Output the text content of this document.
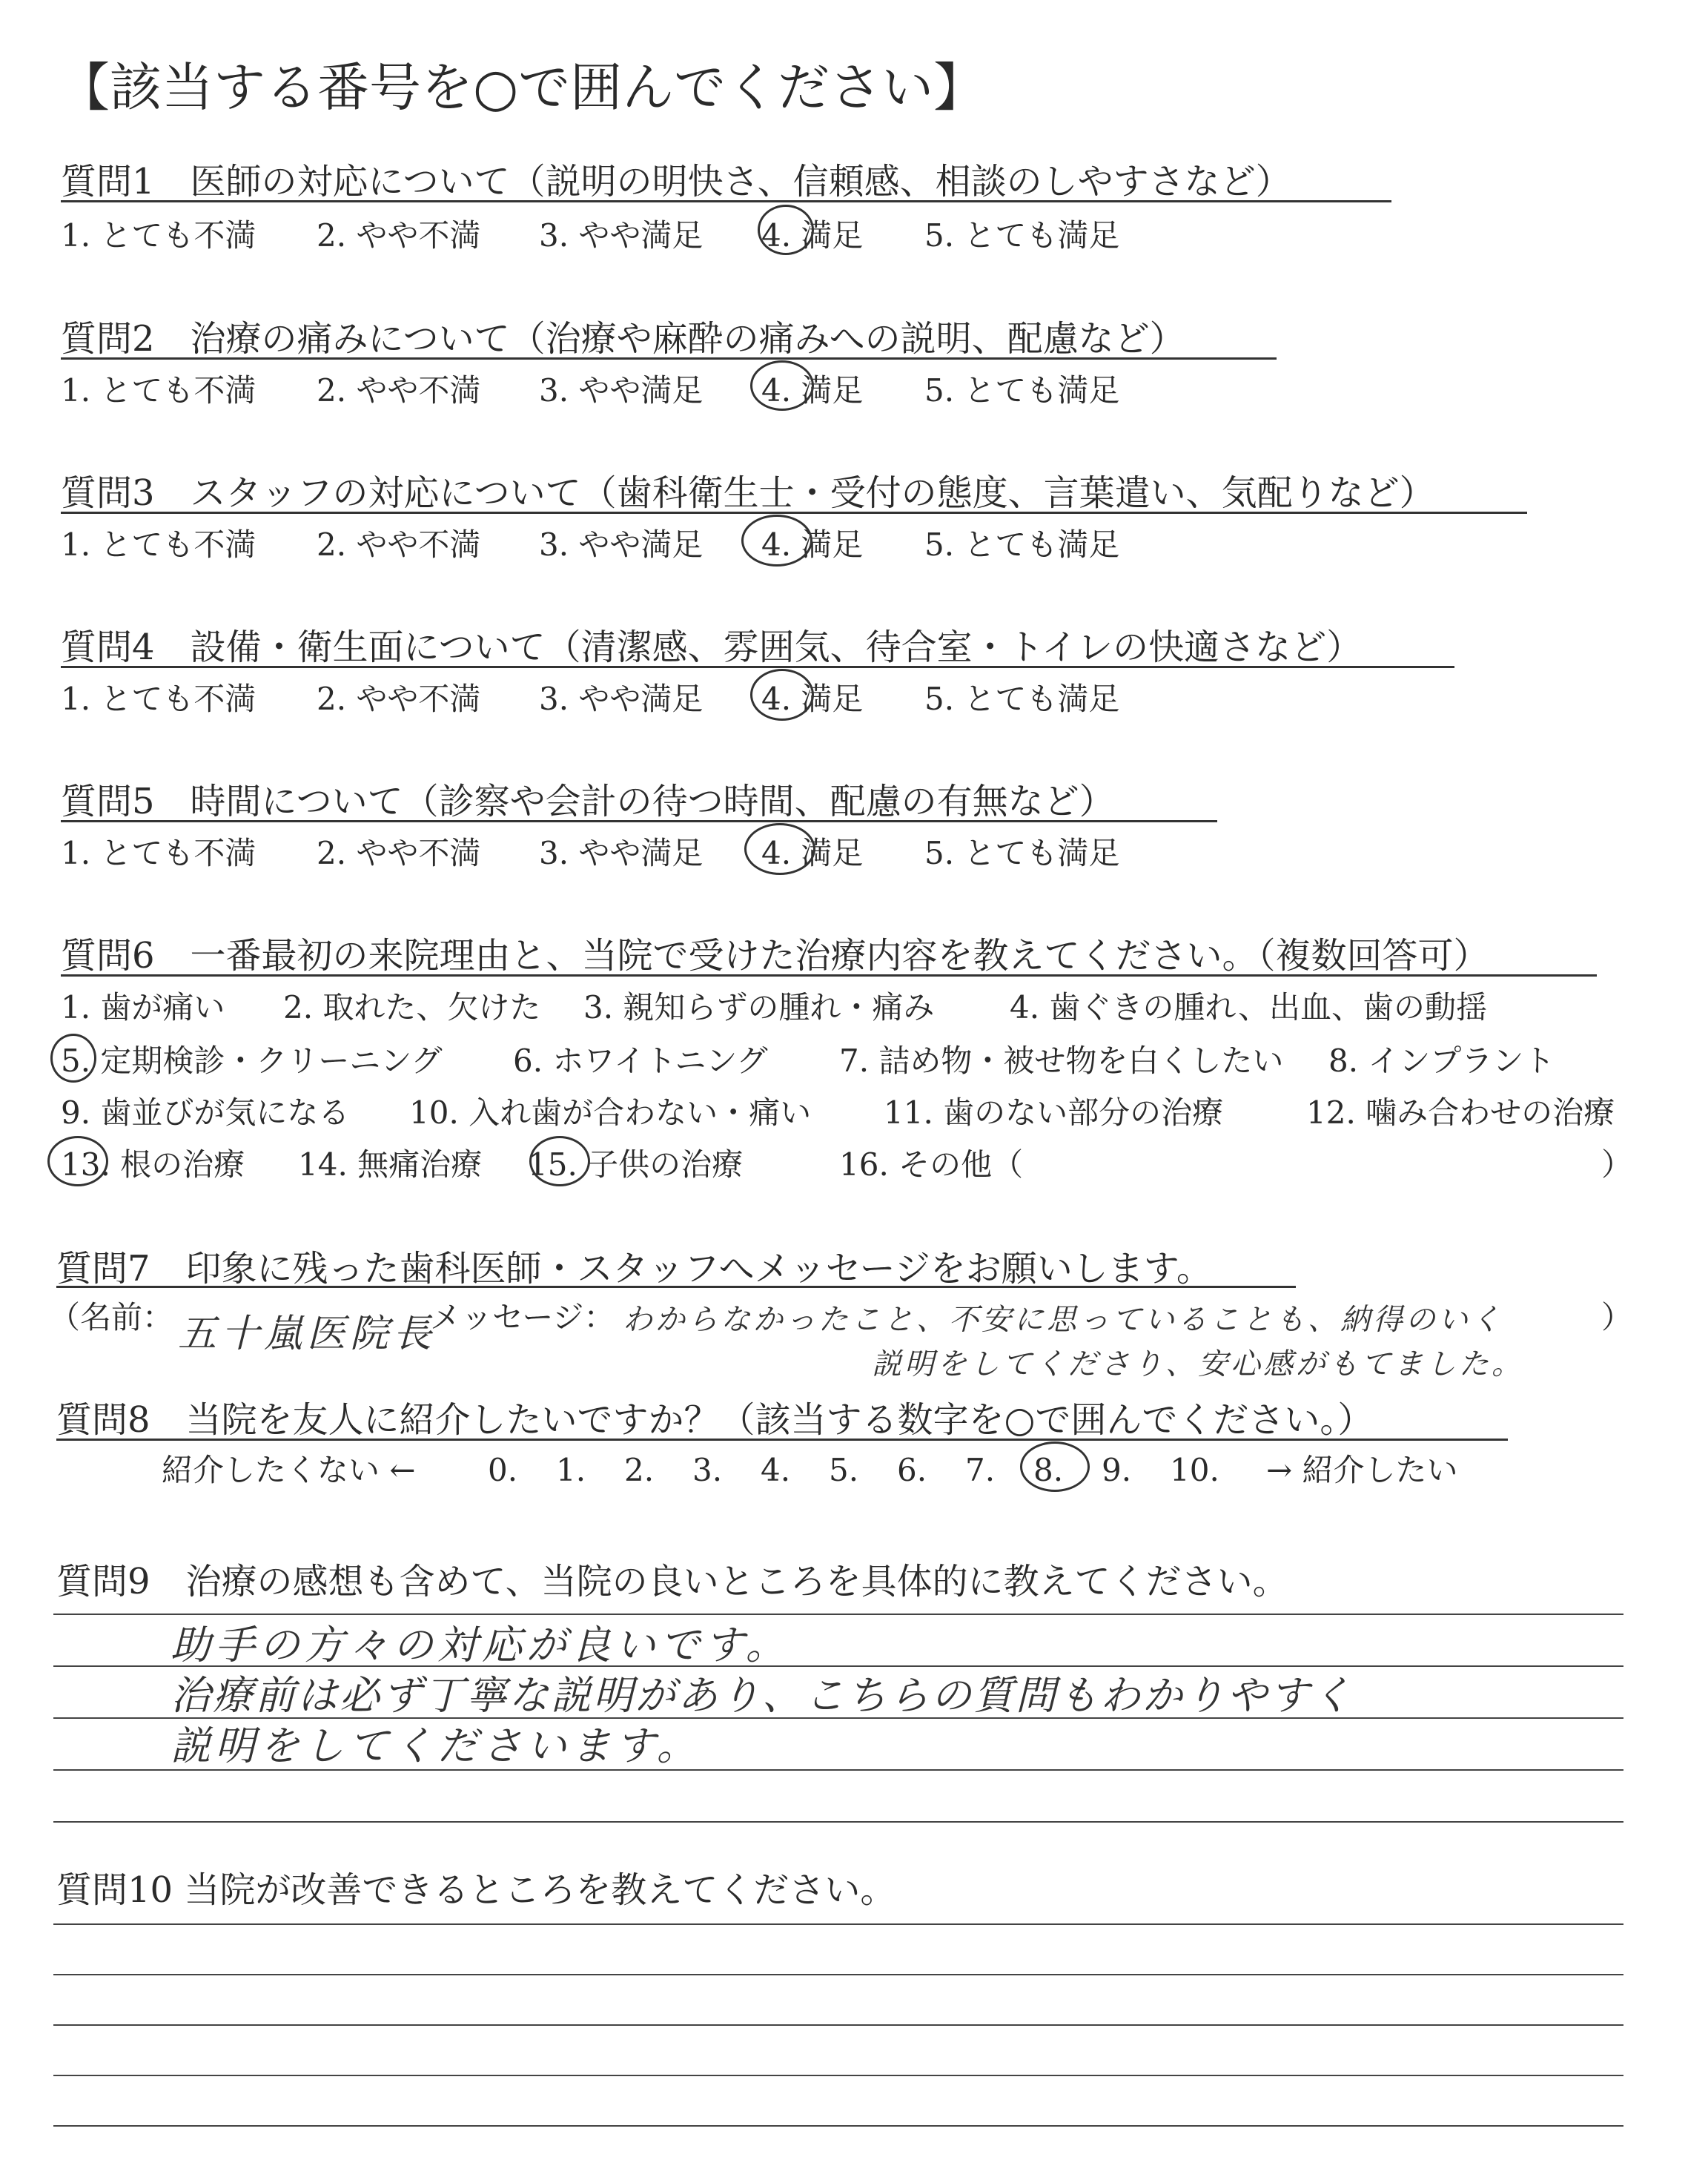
【該当する番号を○で囲んでください】
質問1　医師の対応について（説明の明快さ、信頼感、相談のしやすさなど）
1. とても不満 2. やや不満 3. やや満足 4. 満足 5. とても満足
質問2　治療の痛みについて（治療や麻酔の痛みへの説明、配慮など）
1. とても不満 2. やや不満 3. やや満足 4. 満足 5. とても満足
質問3　スタッフの対応について（歯科衛生士・受付の態度、言葉遣い、気配りなど）
1. とても不満 2. やや不満 3. やや満足 4. 満足 5. とても満足
質問4　設備・衛生面について（清潔感、雰囲気、待合室・トイレの快適さなど）
1. とても不満 2. やや不満 3. やや満足 4. 満足 5. とても満足
質問5　時間について（診察や会計の待つ時間、配慮の有無など）
1. とても不満 2. やや不満 3. やや満足 4. 満足 5. とても満足
質問6　一番最初の来院理由と、当院で受けた治療内容を教えてください。（複数回答可）
1. 歯が痛い 2. 取れた、欠けた 3. 親知らずの腫れ・痛み 4. 歯ぐきの腫れ、出血、歯の動揺
5. 定期検診・クリーニング 6. ホワイトニング 7. 詰め物・被せ物を白くしたい 8. インプラント
9. 歯並びが気になる 10. 入れ歯が合わない・痛い 11. 歯のない部分の治療	12. 噛み合わせの治療
13. 根の治療 14. 無痛治療 15. 子供の治療	16. その他（	）
質問7　印象に残った歯科医師・スタッフへメッセージをお願いします。
（名前： 五十嵐医院長
メッセージ： わからなかったこと、不安に思っていることも、納得のいく
説明をしてくださり、安心感がもてました。
）
質問8　当院を友人に紹介したいですか？（該当する数字を○で囲んでください。）
紹介したくない ← 0. 1. 2. 3. 4. 5. 6. 7. 8. 9. 10. → 紹介したい
質問9　治療の感想も含めて、当院の良いところを具体的に教えてください。
助手の方々の対応が良いです。
治療前は必ず丁寧な説明があり、こちらの質問もわかりやすく
説明をしてくださいます。
質問10 当院が改善できるところを教えてください。
